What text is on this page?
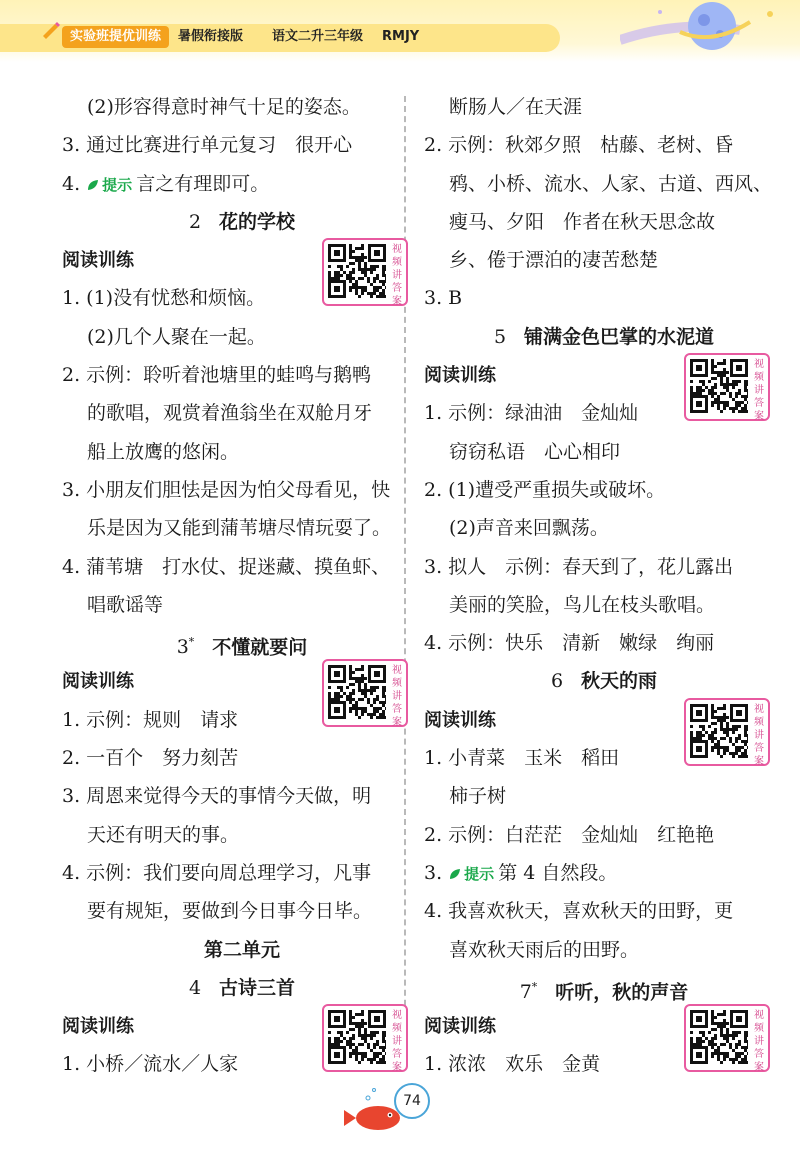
实验班提优训练	暑假衔接版 语文二升三年级 RMJY
(2)形容得意时神气十足的姿态。
3. 通过比赛进行单元复习　很开心
4. 提示 言之有理即可。
2 花的学校
阅读训练
视频讲答案
1. (1)没有忧愁和烦恼。
(2)几个人聚在一起。
2. 示例：聆听着池塘里的蛙鸣与鹅鸭
的歌唱，观赏着渔翁坐在双舱月牙
船上放鹰的悠闲。
3. 小朋友们胆怯是因为怕父母看见，快
乐是因为又能到蒲苇塘尽情玩耍了。
4. 蒲苇塘　打水仗、捉迷藏、摸鱼虾、
唱歌谣等
3* 不懂就要问
阅读训练
视频讲答案
1. 示例：规则　请求
2. 一百个　努力刻苦
3. 周恩来觉得今天的事情今天做，明
天还有明天的事。
4. 示例：我们要向周总理学习，凡事
要有规矩，要做到今日事今日毕。
第二单元
4 古诗三首
阅读训练
视频讲答案
1. 小桥／流水／人家
断肠人／在天涯
2. 示例：秋郊夕照　枯藤、老树、昏
鸦、小桥、流水、人家、古道、西风、
瘦马、夕阳　作者在秋天思念故
乡、倦于漂泊的凄苦愁楚
3. B
5 铺满金色巴掌的水泥道
阅读训练
视频讲答案
1. 示例：绿油油　金灿灿
窃窃私语　心心相印
2. (1)遭受严重损失或破坏。
(2)声音来回飘荡。
3. 拟人　示例：春天到了，花儿露出
美丽的笑脸，鸟儿在枝头歌唱。
4. 示例：快乐　清新　嫩绿　绚丽
6 秋天的雨
阅读训练
视频讲答案
1. 小青菜　玉米　稻田
柿子树
2. 示例：白茫茫　金灿灿　红艳艳
3. 提示 第 4 自然段。
4. 我喜欢秋天，喜欢秋天的田野，更
喜欢秋天雨后的田野。
7* 听听，秋的声音
阅读训练
视频讲答案
1. 浓浓　欢乐　金黄
74
